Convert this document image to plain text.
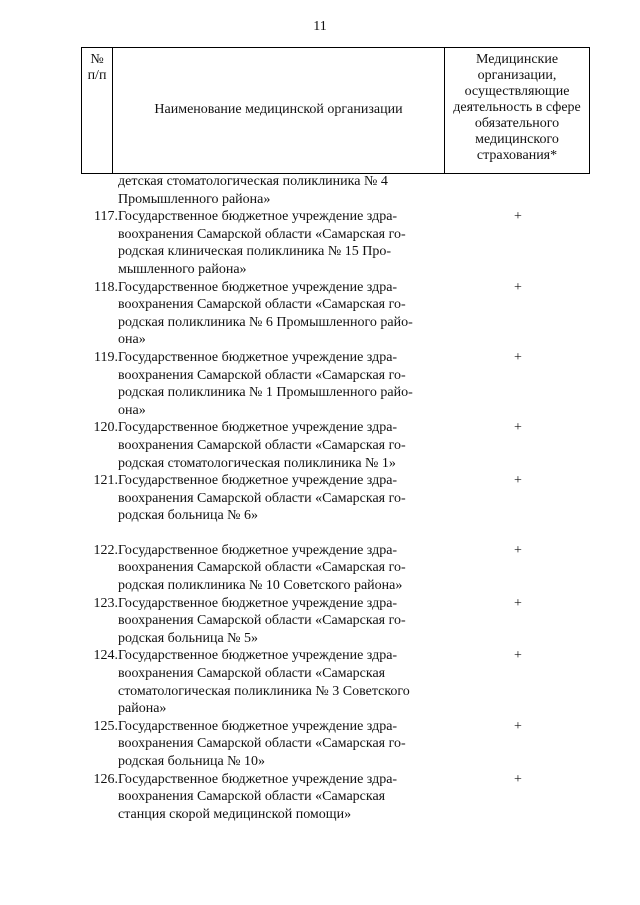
11
№
п/п
Наименование медицинской организации
Медицинские
организации,
осуществляющие
деятельность в сфере
обязательного
медицинского
страхования*
детская стоматологическая поликлиника № 4
Промышленного района»
117. Государственное бюджетное учреждение здра-
воохранения Самарской области «Самарская го-
родская клиническая поликлиника № 15 Про-
мышленного района»
+
118. Государственное бюджетное учреждение здра-
воохранения Самарской области «Самарская го-
родская поликлиника № 6 Промышленного райо-
она»
+
119. Государственное бюджетное учреждение здра-
воохранения Самарской области «Самарская го-
родская поликлиника № 1 Промышленного райо-
она»
+
120. Государственное бюджетное учреждение здра-
воохранения Самарской области «Самарская го-
родская стоматологическая поликлиника № 1»
+
121. Государственное бюджетное учреждение здра-
воохранения Самарской области «Самарская го-
родская больница № 6»
+
122. Государственное бюджетное учреждение здра-
воохранения Самарской области «Самарская го-
родская поликлиника № 10 Советского района»
+
123. Государственное бюджетное учреждение здра-
воохранения Самарской области «Самарская го-
родская больница № 5»
+
124. Государственное бюджетное учреждение здра-
воохранения Самарской области «Самарская
стоматологическая поликлиника № 3 Советского
района»
+
125. Государственное бюджетное учреждение здра-
воохранения Самарской области «Самарская го-
родская больница № 10»
+
126. Государственное бюджетное учреждение здра-
воохранения Самарской области «Самарская
станция скорой медицинской помощи»
+
